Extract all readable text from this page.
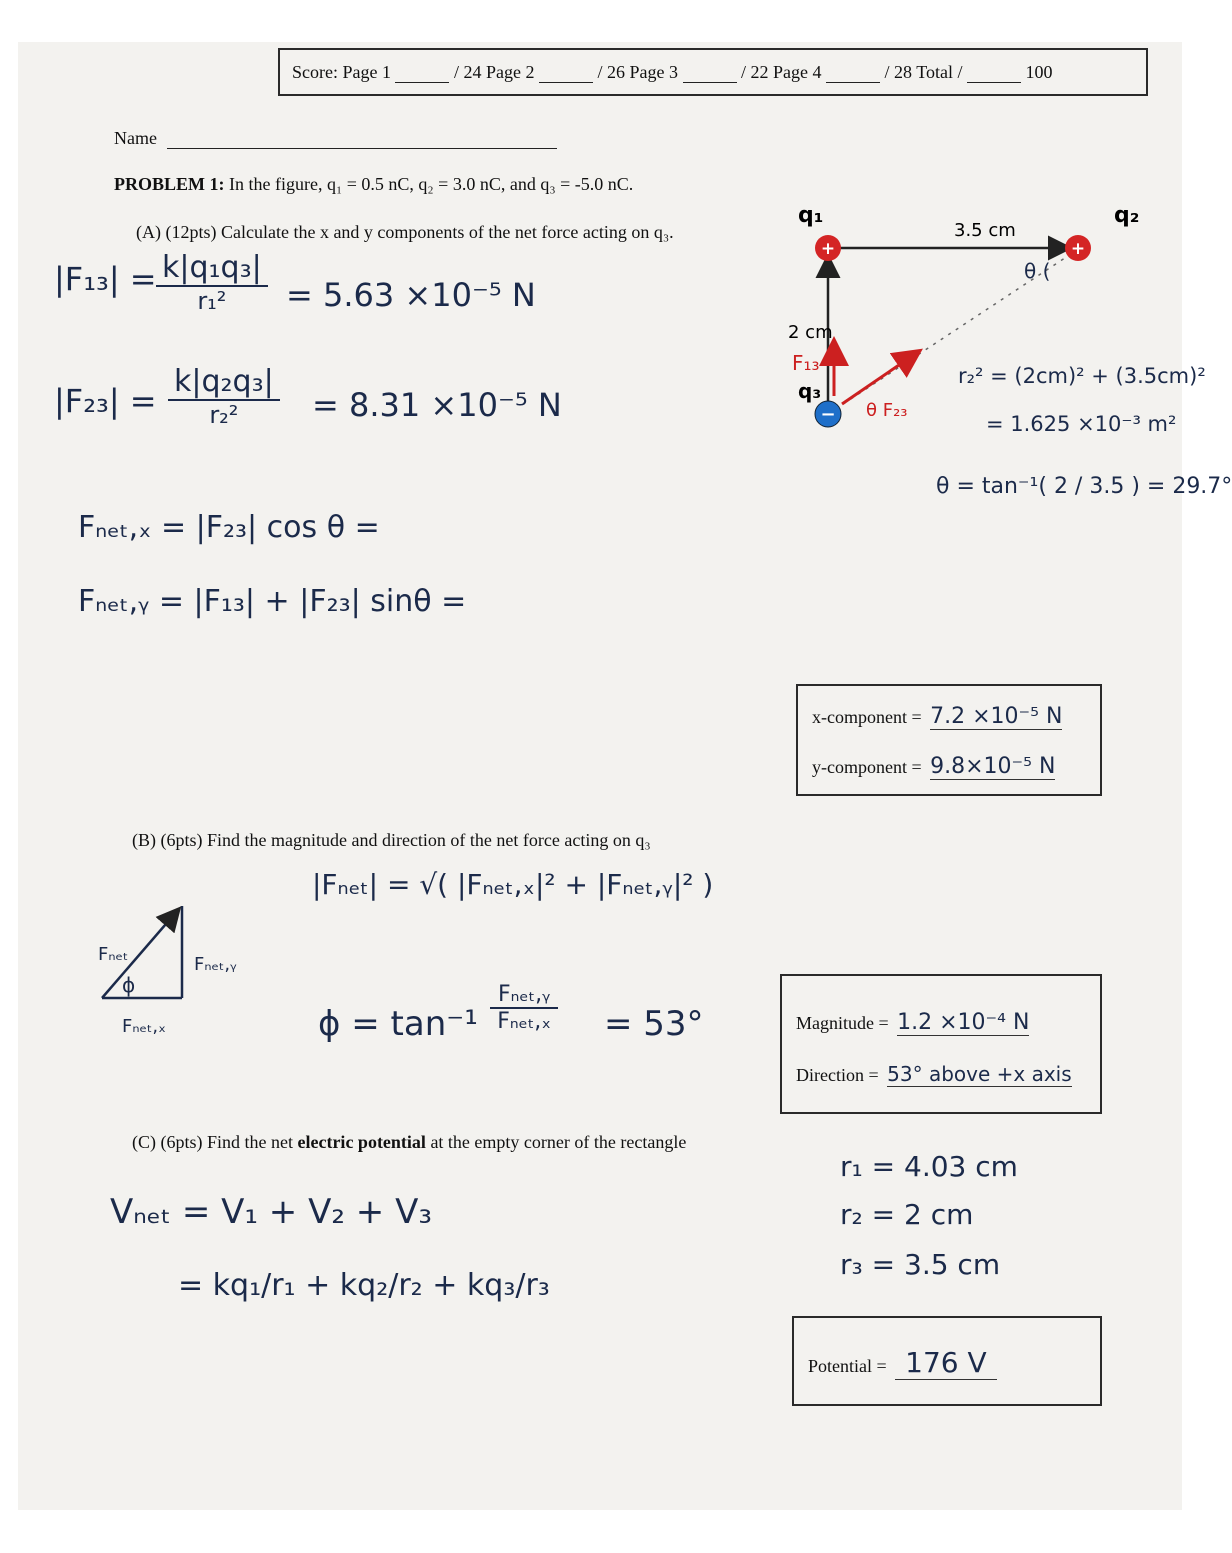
Score: Page 1	/ 24 Page 2	/ 26 Page 3	/ 22 Page 4	/ 28 Total /	100
Name
PROBLEM 1: In the figure, q₁ = 0.5 nC, q₂ = 3.0 nC, and q₃ = -5.0 nC.
(A) (12pts) Calculate the x and y components of the net force acting on q₃.
|F₁₃| = k|q₁q₃|
r₁²	= 5.63 ×10⁻⁵ N
|F₂₃| =
k|q₂q₃|
r₂²	= 8.31 ×10⁻⁵ N
Fₙₑₜ,ₓ = |F₂₃| cos θ =
Fₙₑₜ,ᵧ = |F₁₃| + |F₂₃| sinθ =
+	+
−
q₁	q₂
q₃
3.5 cm
2 cm
F₁₃
θ F₂₃
θ (
r₂² = (2cm)² + (3.5cm)²
= 1.625 ×10⁻³ m²
θ = tan⁻¹( 2 / 3.5 ) = 29.7°
x-component = 7.2 ×10⁻⁵ N
y-component = 9.8×10⁻⁵ N
(B) (6pts) Find the magnitude and direction of the net force acting on q₃
|Fₙₑₜ| = √( |Fₙₑₜ,ₓ|² + |Fₙₑₜ,ᵧ|² )
Fₙₑₜ	Fₙₑₜ,ᵧ
Fₙₑₜ,ₓ
ϕ
ϕ = tan⁻¹
Fₙₑₜ,ᵧ
Fₙₑₜ,ₓ = 53°	Magnitude = 1.2 ×10⁻⁴ N
Direction = 53° above +x axis
(C) (6pts) Find the net electric potential at the empty corner of the rectangle
Vₙₑₜ = V₁ + V₂ + V₃
= kq₁/r₁ + kq₂/r₂ + kq₃/r₃
r₁ = 4.03 cm
r₂ = 2 cm
r₃ = 3.5 cm
Potential = 176 V
